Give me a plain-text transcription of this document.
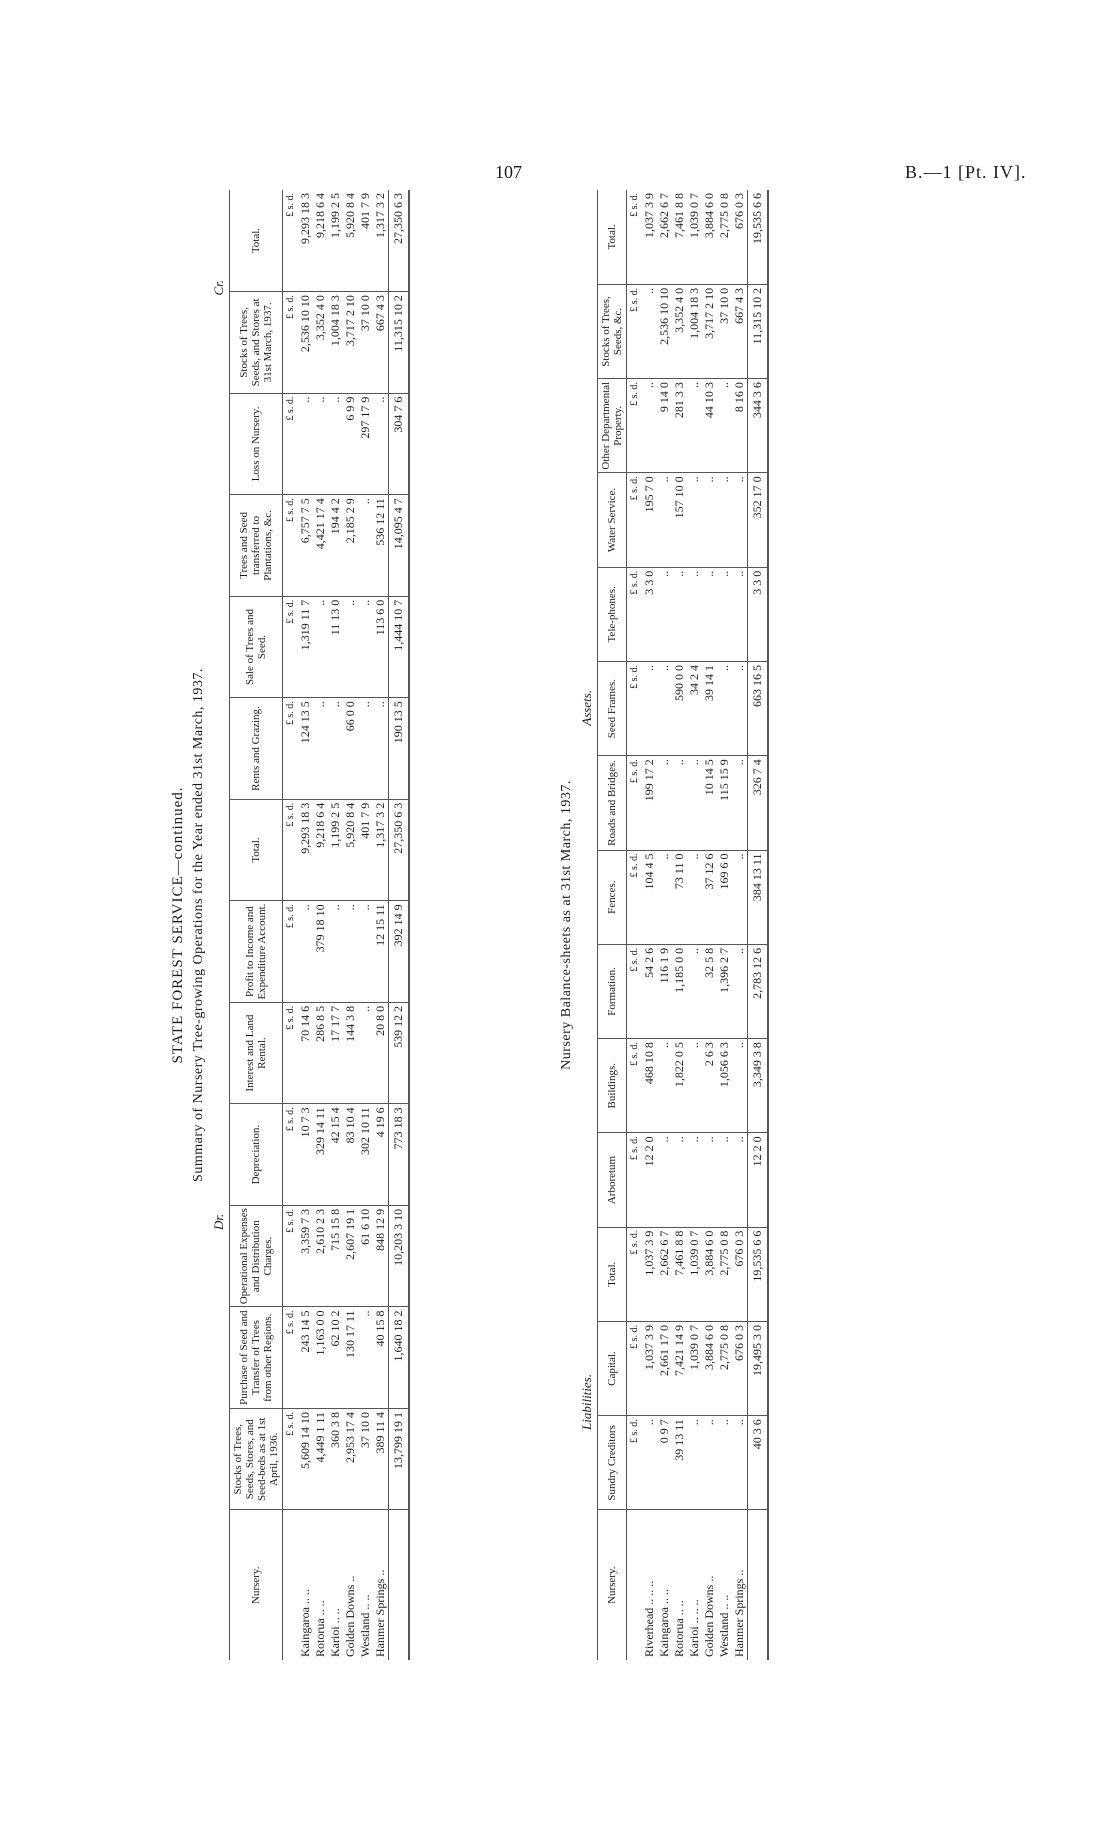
107	B.—1 [Pt. IV].

STATE FOREST SERVICE—continued. Summary of Nursery Tree-growing Operations for the Year ended 31st March, 1937.

Dr.
Cr.
Nursery.	Stocks of Trees, Seeds, Stores, and Seed-beds as at 1st April, 1936.	Purchase of Seed and Transfer of Trees from other Regions.	Operational Expenses and Distribution Charges.	Depreciation.	Interest and Land Rental.	Profit to Income and Expenditure Account.	Total.	Rents and Grazing.	Sale of Trees and Seed.	Trees and Seed transferred to Plantations, &c.	Loss on Nursery.	Stocks of Trees, Seeds, and Stores at 31st March, 1937.	Total.
	£ s. d.	£ s. d.	£ s. d.	£ s. d.	£ s. d.	£ s. d.	£ s. d.	£ s. d.	£ s. d.	£ s. d.	£ s. d.	£ s. d.	£ s. d.
Kaingaroa .. ..	5,609 14 10	243 14 5	3,359 7 3	10 7 3	70 14 6	..	9,293 18 3	124 13 5	1,319 11 7	6,757 7 5	..	2,536 10 10	9,293 18 3
Rotorua .. ..	4,449 1 11	1,163 0 0	2,610 2 3	329 14 11	286 8 5	379 18 10	9,218 6 4	..	..	4,421 17 4	..	3,352 4 0	9,218 6 4
Karioi .. ..	360 3 8	62 10 2	715 15 8	42 15 4	17 17 7	..	1,199 2 5	..	11 13 0	194 4 2	..	1,004 18 3	1,199 2 5
Golden Downs ..	2,953 17 4	130 17 11	2,607 19 1	83 10 4	144 3 8	..	5,920 8 4	66 0 0	..	2,185 2 9	6 9 9	3,717 2 10	5,920 8 4
Westland .. ..	37 10 0	..	61 6 10	302 10 11	..	..	401 7 9	..	..	..	297 17 9	37 10 0	401 7 9
Hanmer Springs ..	389 11 4	40 15 8	848 12 9	4 19 6	20 8 0	12 15 11	1,317 3 2	..	113 6 0	536 12 11	..	667 4 3	1,317 3 2
	13,799 19 1	1,640 18 2	10,203 3 10	773 18 3	539 12 2	392 14 9	27,350 6 3	190 13 5	1,444 10 7	14,095 4 7	304 7 6	11,315 10 2	27,350 6 3

Nursery Balance-sheets as at 31st March, 1937.

Liabilities.
Assets.
Nursery.	Sundry Creditors	Capital.	Total.	Arboretum	Buildings.	Formation.	Fences.	Roads and Bridges.	Seed Frames.	Tele-phones.	Water Service.	Other Departmental Property.	Stocks of Trees, Seeds, &c.	Total.
	£ s. d.	£ s. d.	£ s. d.	£ s. d.	£ s. d.	£ s. d.	£ s. d.	£ s. d.	£ s. d.	£ s. d.	£ s. d.	£ s. d.	£ s. d.	£ s. d.
Riverhead .. .. ..	..	1,037 3 9	1,037 3 9	12 2 0	468 10 8	54 2 6	104 4 5	199 17 2	..	3 3 0	195 7 0	..	..	1,037 3 9
Kaingaroa .. ..	0 9 7	2,661 17 0	2,662 6 7	..	..	116 1 9	..	..	..	..	..	9 14 0	2,536 10 10	2,662 6 7
Rotorua .. ..	39 13 11	7,421 14 9	7,461 8 8	..	1,822 0 5	1,185 0 0	73 11 0	..	590 0 0	..	157 10 0	281 3 3	3,352 4 0	7,461 8 8
Karioi .. .. ..	..	1,039 0 7	1,039 0 7	..	..	..	..	..	34 2 4	..	..	..	1,004 18 3	1,039 0 7
Golden Downs ..	..	3,884 6 0	3,884 6 0	..	2 6 3	32 5 8	37 12 6	10 14 5	39 14 1	..	..	44 10 3	3,717 2 10	3,884 6 0
Westland .. ..	..	2,775 0 8	2,775 0 8	..	1,056 6 3	1,396 2 7	169 6 0	115 15 9	..	..	..	..	37 10 0	2,775 0 8
Hanmer Springs ..	..	676 0 3	676 0 3	..	..	..	..	..	..	..	..	8 16 0	667 4 3	676 0 3
	40 3 6	19,495 3 0	19,535 6 6	12 2 0	3,349 3 8	2,783 12 6	384 13 11	326 7 4	663 16 5	3 3 0	352 17 0	344 3 6	11,315 10 2	19,535 6 6
